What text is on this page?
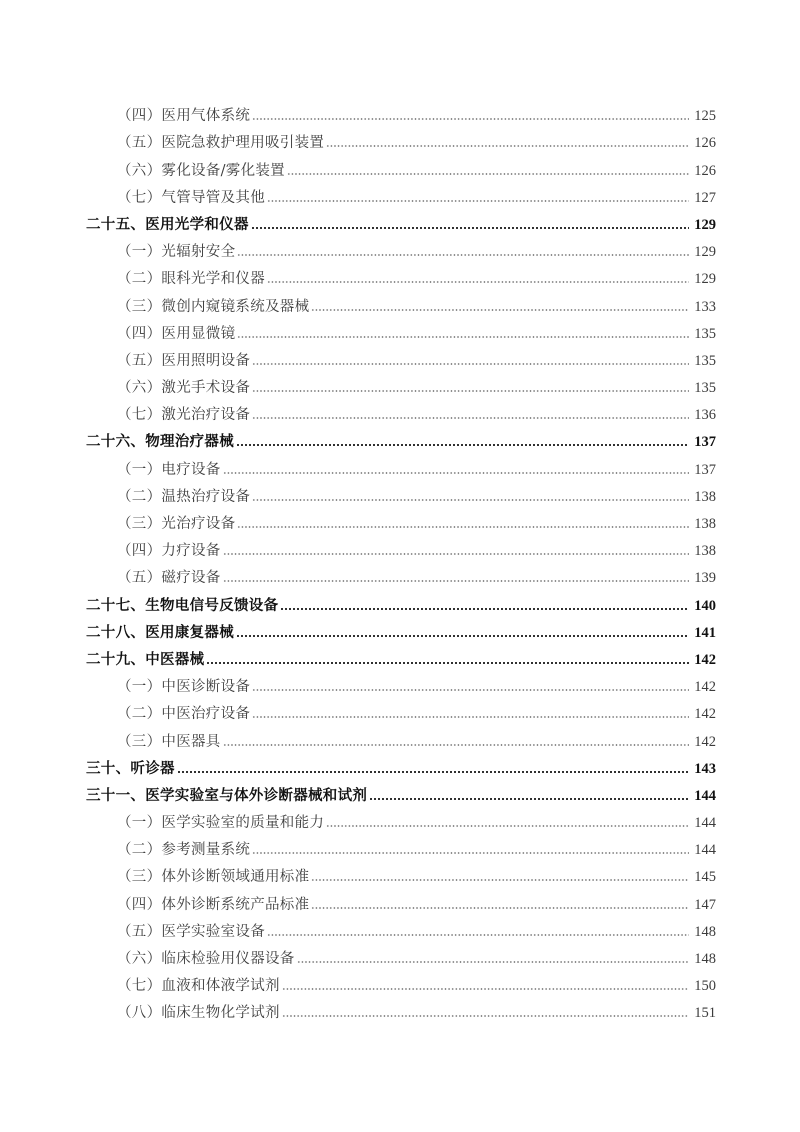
（四）医用气体系统	125
（五）医院急救护理用吸引装置	126
（六）雾化设备/雾化装置	126
（七）气管导管及其他	127
二十五、医用光学和仪器	129
（一）光辐射安全	129
（二）眼科光学和仪器	129
（三）微创内窥镜系统及器械	133
（四）医用显微镜	135
（五）医用照明设备	135
（六）激光手术设备	135
（七）激光治疗设备	136
二十六、物理治疗器械	137
（一）电疗设备	137
（二）温热治疗设备	138
（三）光治疗设备	138
（四）力疗设备	138
（五）磁疗设备	139
二十七、生物电信号反馈设备	140
二十八、医用康复器械	141
二十九、中医器械	142
（一）中医诊断设备	142
（二）中医治疗设备	142
（三）中医器具	142
三十、听诊器	143
三十一、医学实验室与体外诊断器械和试剂	144
（一）医学实验室的质量和能力	144
（二）参考测量系统	144
（三）体外诊断领域通用标准	145
（四）体外诊断系统产品标准	147
（五）医学实验室设备	148
（六）临床检验用仪器设备	148
（七）血液和体液学试剂	150
（八）临床生物化学试剂	151
